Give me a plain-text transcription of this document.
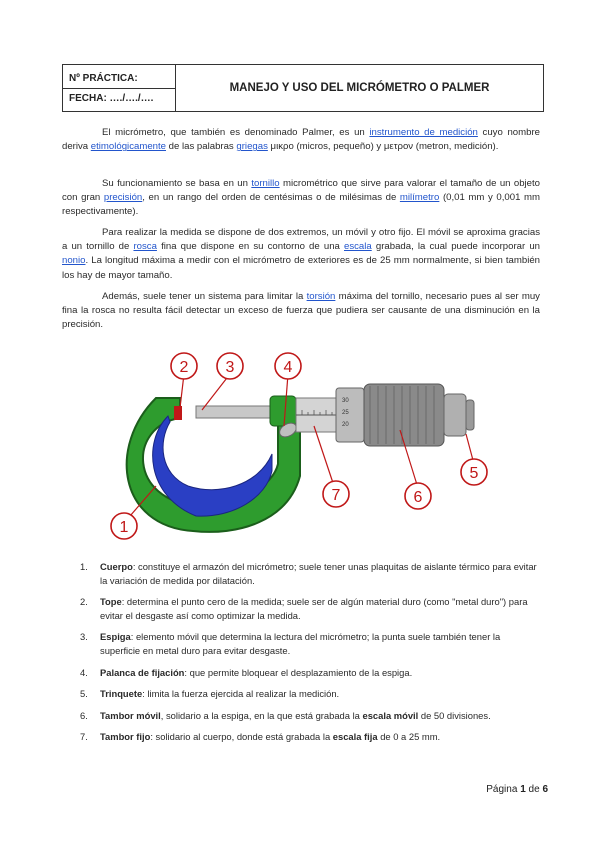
Nº PRÁCTICA:
FECHA: …./…./….
MANEJO Y USO DEL MICRÓMETRO O PALMER
El micrómetro, que también es denominado Palmer, es un instrumento de medición cuyo nombre deriva etimológicamente de las palabras griegas μικρο (micros, pequeño) y μετρον (metron, medición).
Su funcionamiento se basa en un tornillo micrométrico que sirve para valorar el tamaño de un objeto con gran precisión, en un rango del orden de centésimas o de milésimas de milímetro (0,01 mm y 0,001 mm respectivamente).
Para realizar la medida se dispone de dos extremos, un móvil y otro fijo. El móvil se aproxima gracias a un tornillo de rosca fina que dispone en su contorno de una escala grabada, la cual puede incorporar un nonio. La longitud máxima a medir con el micrómetro de exteriores es de 25 mm normalmente, si bien también los hay de mayor tamaño.
Además, suele tener un sistema para limitar la torsión máxima del tornillo, necesario pues al ser muy fina la rosca no resulta fácil detectar un exceso de fuerza que pudiera ser causante de una disminución en la precisión.
30
25
20
2 3	4
5
6
7
1
1. Cuerpo: constituye el armazón del micrómetro; suele tener unas plaquitas de aislante térmico para evitar la variación de medida por dilatación.
2. Tope: determina el punto cero de la medida; suele ser de algún material duro (como "metal duro") para evitar el desgaste así como optimizar la medida.
3. Espiga: elemento móvil que determina la lectura del micrómetro; la punta suele también tener la superficie en metal duro para evitar desgaste.
4. Palanca de fijación: que permite bloquear el desplazamiento de la espiga.
5. Trinquete: limita la fuerza ejercida al realizar la medición.
6. Tambor móvil, solidario a la espiga, en la que está grabada la escala móvil de 50 divisiones.
7. Tambor fijo: solidario al cuerpo, donde está grabada la escala fija de 0 a 25 mm.
Página 1 de 6
